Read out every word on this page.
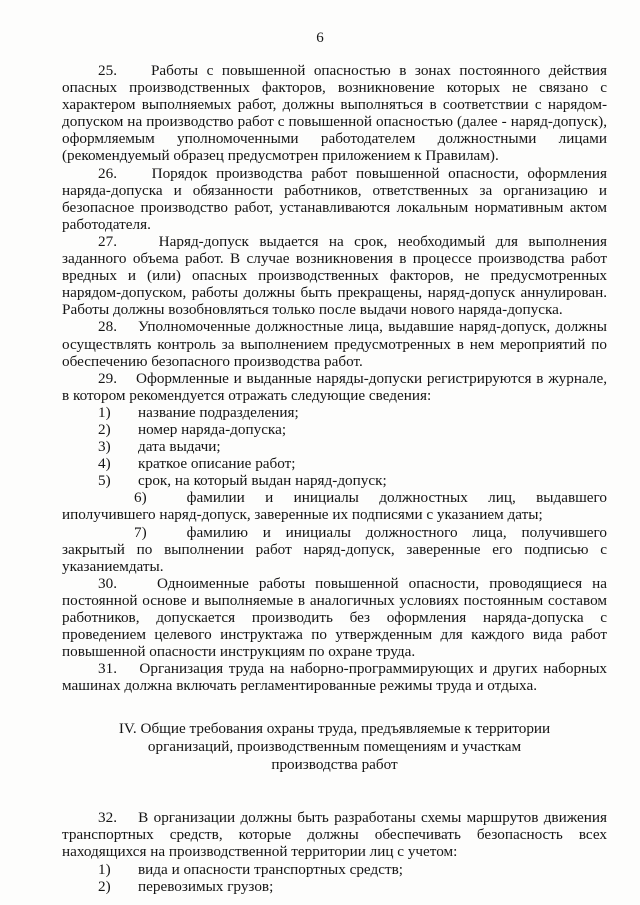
6

25.    Работы с повышенной опасностью в зонах постоянного действия опасных производственных факторов, возникновение которых не связано с характером выполняемых работ, должны выполняться в соответствии с нарядом-допуском на производство работ с повышенной опасностью (далее - наряд-допуск), оформляемым уполномоченными работодателем должностными лицами (рекомендуемый образец предусмотрен приложением к Правилам).

26.    Порядок производства работ повышенной опасности, оформления наряда-допуска и обязанности работников, ответственных за организацию и безопасное производство работ, устанавливаются локальным нормативным актом работодателя.

27.    Наряд-допуск выдается на срок, необходимый для выполнения заданного объема работ. В случае возникновения в процессе производства работ вредных и (или) опасных производственных факторов, не предусмотренных нарядом-допуском, работы должны быть прекращены, наряд-допуск аннулирован. Работы должны возобновляться только после выдачи нового наряда-допуска.

28.    Уполномоченные должностные лица, выдавшие наряд-допуск, должны осуществлять контроль за выполнением предусмотренных в нем мероприятий по обеспечению безопасного производства работ.

29.    Оформленные и выданные наряды-допуски регистрируются в журнале, в котором рекомендуется отражать следующие сведения:

1) название подразделения;

2) номер наряда-допуска;

3) дата выдачи;

4) краткое описание работ;

5) срок, на который выдан наряд-допуск;

6)	фамилии и инициалы должностных лиц, выдавшего иполучившего наряд-допуск, заверенные их подписями с указанием даты;

7)	фамилию и инициалы должностного лица, получившего закрытый по выполнении работ наряд-допуск, заверенные его подписью с указаниемдаты.

30.    Одноименные работы повышенной опасности, проводящиеся на постоянной основе и выполняемые в аналогичных условиях постоянным составом работников, допускается производить без оформления наряда-допуска с проведением целевого инструктажа по утвержденным для каждого вида работ повышенной опасности инструкциям по охране труда.

31.    Организация труда на наборно-программирующих и других наборных машинах должна включать регламентированные режимы труда и отдыха.

IV. Общие требования охраны труда, предъявляемые к территории
организаций, производственным помещениям и участкам
производства работ

32.    В организации должны быть разработаны схемы маршрутов движения транспортных средств, которые должны обеспечивать безопасность всех находящихся на производственной территории лиц с учетом:

1) вида и опасности транспортных средств;

2) перевозимых грузов;
